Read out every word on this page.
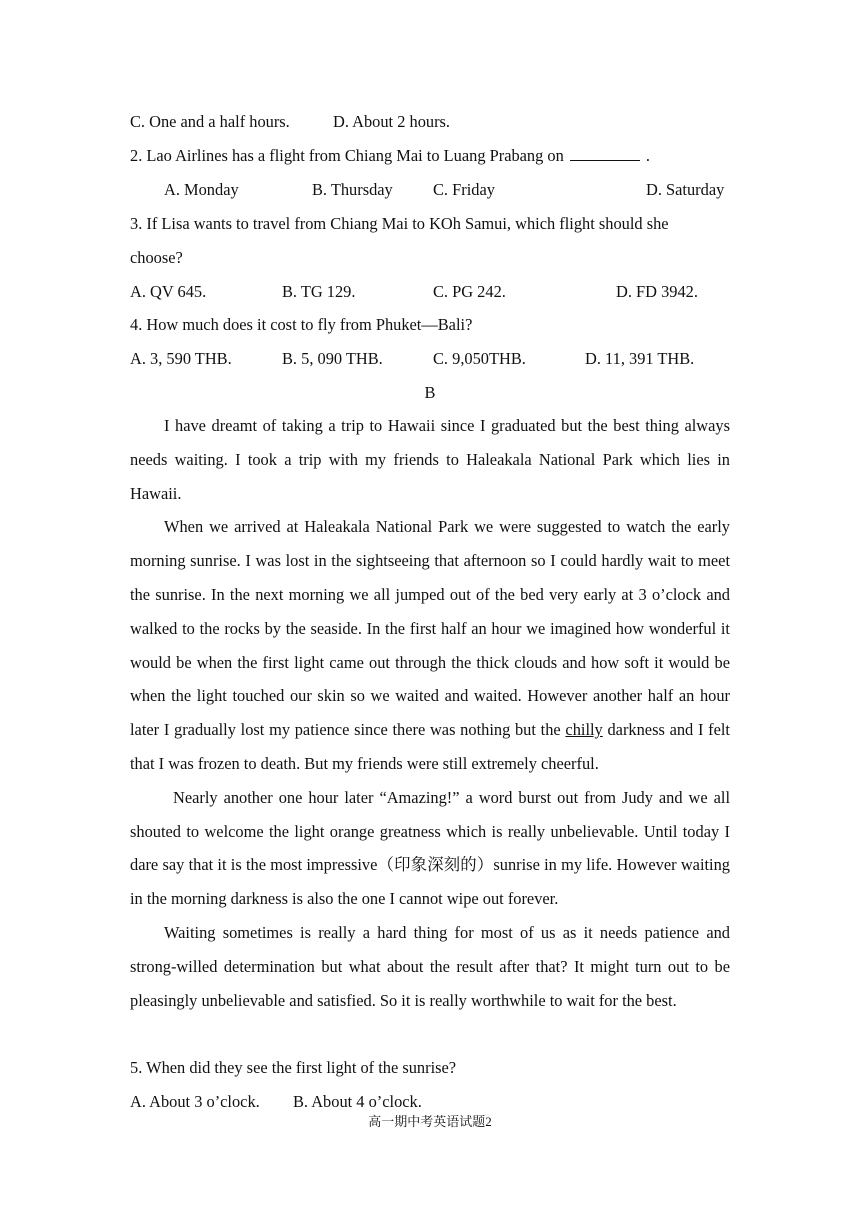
C. One and a half hours.	D. About 2 hours.
2. Lao Airlines has a flight from Chiang Mai to Luang Prabang on	.
A. Monday	B. Thursday C. Friday	D. Saturday
3. If Lisa wants to travel from Chiang Mai to KOh Samui, which flight should she
choose?
A. QV 645.	B. TG 129.	C. PG 242.	D. FD 3942.
4. How much does it cost to fly from Phuket—Bali?
A. 3, 590 THB.	B. 5, 090 THB.	C. 9,050THB.	D. 11, 391 THB.
B

I have dreamt of taking a trip to Hawaii since I graduated but the best thing always needs waiting. I took a trip with my friends to Haleakala National Park which lies in Hawaii.

When we arrived at Haleakala National Park we were suggested to watch the early morning sunrise. I was lost in the sightseeing that afternoon so I could hardly wait to meet the sunrise. In the next morning we all jumped out of the bed very early at 3 o’clock and walked to the rocks by the seaside. In the first half an hour we imagined how wonderful it would be when the first light came out through the thick clouds and how soft it would be when the light touched our skin so we waited and waited. However another half an hour later I gradually lost my patience since there was nothing but the chilly darkness and I felt that I was frozen to death. But my friends were still extremely cheerful.

Nearly another one hour later “Amazing!” a word burst out from Judy and we all shouted to welcome the light orange greatness which is really unbelievable. Until today I dare say that it is the most impressive（印象深刻的）sunrise in my life. However waiting in the morning darkness is also the one I cannot wipe out forever.

Waiting sometimes is really a hard thing for most of us as it needs patience and strong-willed determination but what about the result after that? It might turn out to be pleasingly unbelievable and satisfied. So it is really worthwhile to wait for the best.

5. When did they see the first light of the sunrise?
A. About 3 o’clock. B. About 4 o’clock.
高一期中考英语试题2
